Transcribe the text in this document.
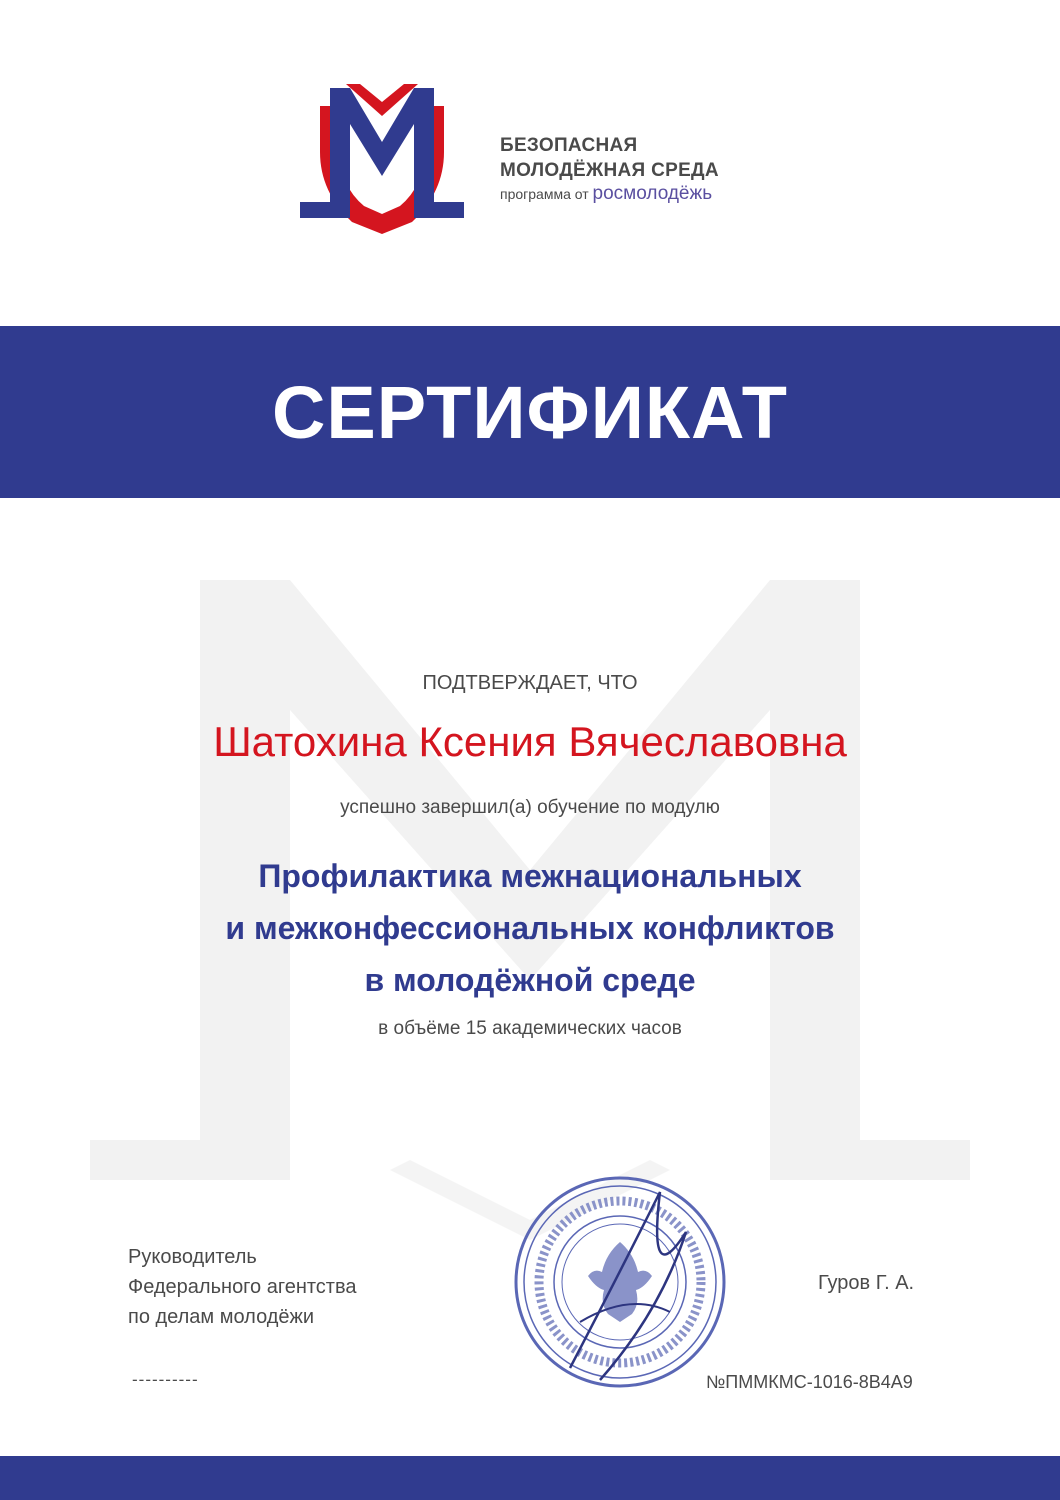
БЕЗОПАСНАЯ
МОЛОДЁЖНАЯ СРЕДА
программа от росмолодёжь
СЕРТИФИКАТ
ПОДТВЕРЖДАЕТ, ЧТО
Шатохина Ксения Вячеславовна
успешно завершил(а) обучение по модулю
Профилактика межнациональных
и межконфессиональных конфликтов
в молодёжной среде
в объёме 15 академических часов
Руководитель
Федерального агентства
по делам молодёжи
Гуров Г. А.
----------	№ПММКМС-1016-8B4A9
